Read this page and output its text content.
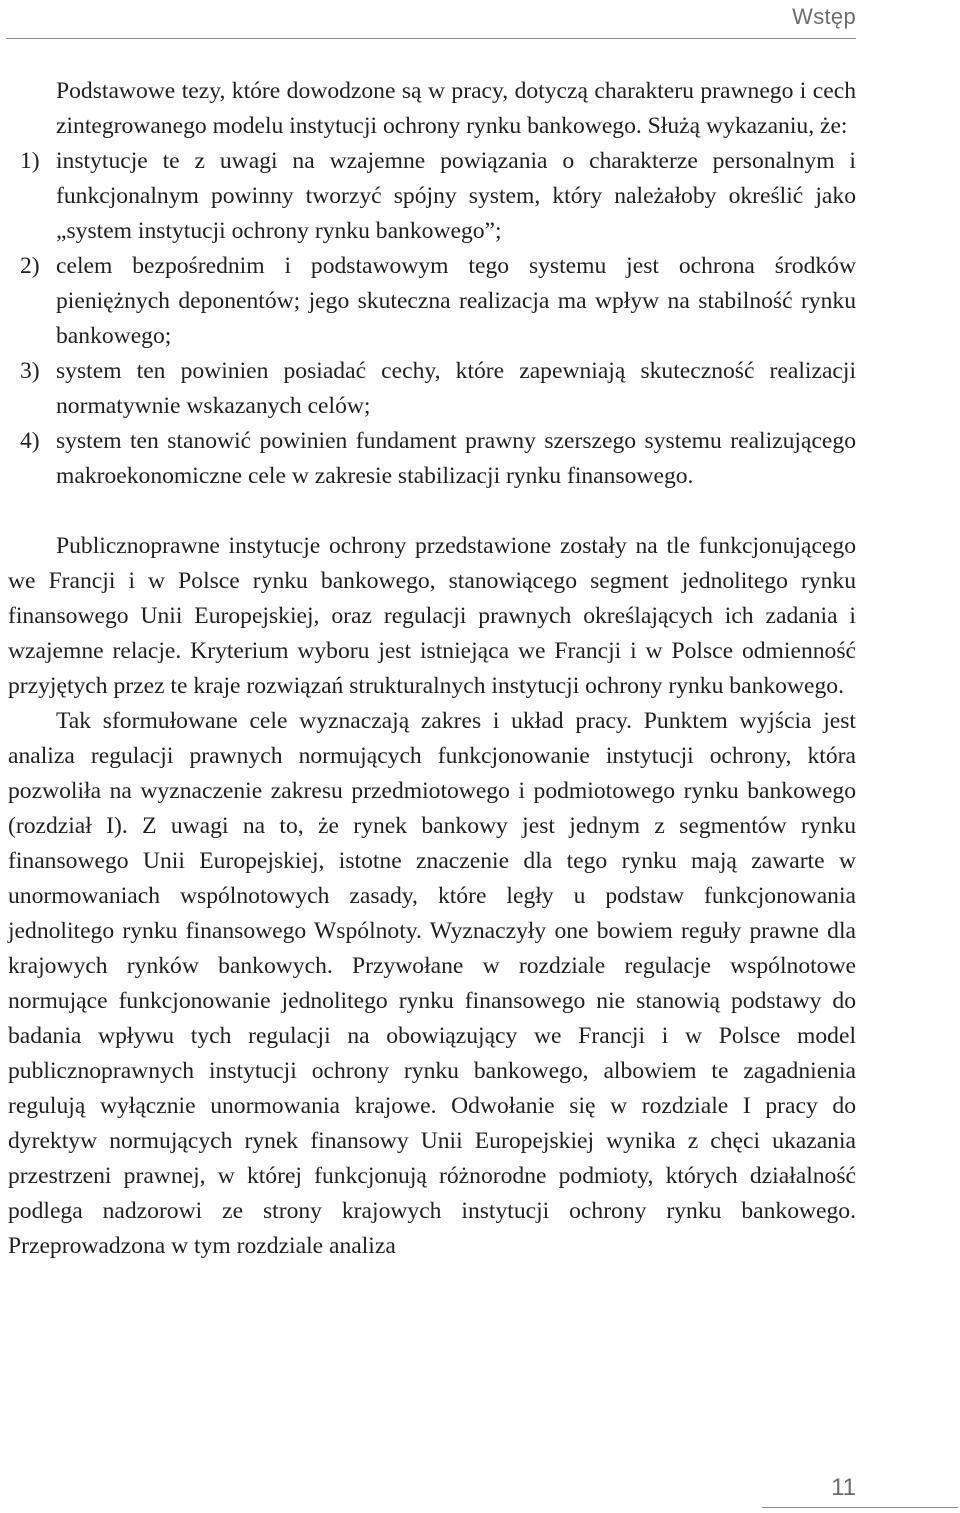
Wstęp

Podstawowe tezy, które dowodzone są w pracy, dotyczą charakteru prawnego i cech zintegrowanego modelu instytucji ochrony rynku bankowego. Służą wykazaniu, że:

1) instytucje te z uwagi na wzajemne powiązania o charakterze personalnym i funkcjonalnym powinny tworzyć spójny system, który należałoby określić jako „system instytucji ochrony rynku bankowego”;
2) celem bezpośrednim i podstawowym tego systemu jest ochrona środków pieniężnych deponentów; jego skuteczna realizacja ma wpływ na stabilność rynku bankowego;
3) system ten powinien posiadać cechy, które zapewniają skuteczność realizacji normatywnie wskazanych celów;
4) system ten stanowić powinien fundament prawny szerszego systemu realizującego makroekonomiczne cele w zakresie stabilizacji rynku finansowego.

Publicznoprawne instytucje ochrony przedstawione zostały na tle funkcjonującego we Francji i w Polsce rynku bankowego, stanowiącego segment jednolitego rynku finansowego Unii Europejskiej, oraz regulacji prawnych określających ich zadania i wzajemne relacje. Kryterium wyboru jest istniejąca we Francji i w Polsce odmienność przyjętych przez te kraje rozwiązań strukturalnych instytucji ochrony rynku bankowego.

Tak sformułowane cele wyznaczają zakres i układ pracy. Punktem wyjścia jest analiza regulacji prawnych normujących funkcjonowanie instytucji ochrony, która pozwoliła na wyznaczenie zakresu przedmiotowego i podmiotowego rynku bankowego (rozdział I). Z uwagi na to, że rynek bankowy jest jednym z segmentów rynku finansowego Unii Europejskiej, istotne znaczenie dla tego rynku mają zawarte w unormowaniach wspólnotowych zasady, które legły u podstaw funkcjonowania jednolitego rynku finansowego Wspólnoty. Wyznaczyły one bowiem reguły prawne dla krajowych rynków bankowych. Przywołane w rozdziale regulacje wspólnotowe normujące funkcjonowanie jednolitego rynku finansowego nie stanowią podstawy do badania wpływu tych regulacji na obowiązujący we Francji i w Polsce model publicznoprawnych instytucji ochrony rynku bankowego, albowiem te zagadnienia regulują wyłącznie unormowania krajowe. Odwołanie się w rozdziale I pracy do dyrektyw normujących rynek finansowy Unii Europejskiej wynika z chęci ukazania przestrzeni prawnej, w której funkcjonują różnorodne podmioty, których działalność podlega nadzorowi ze strony krajowych instytucji ochrony rynku bankowego. Przeprowadzona w tym rozdziale analiza

11
